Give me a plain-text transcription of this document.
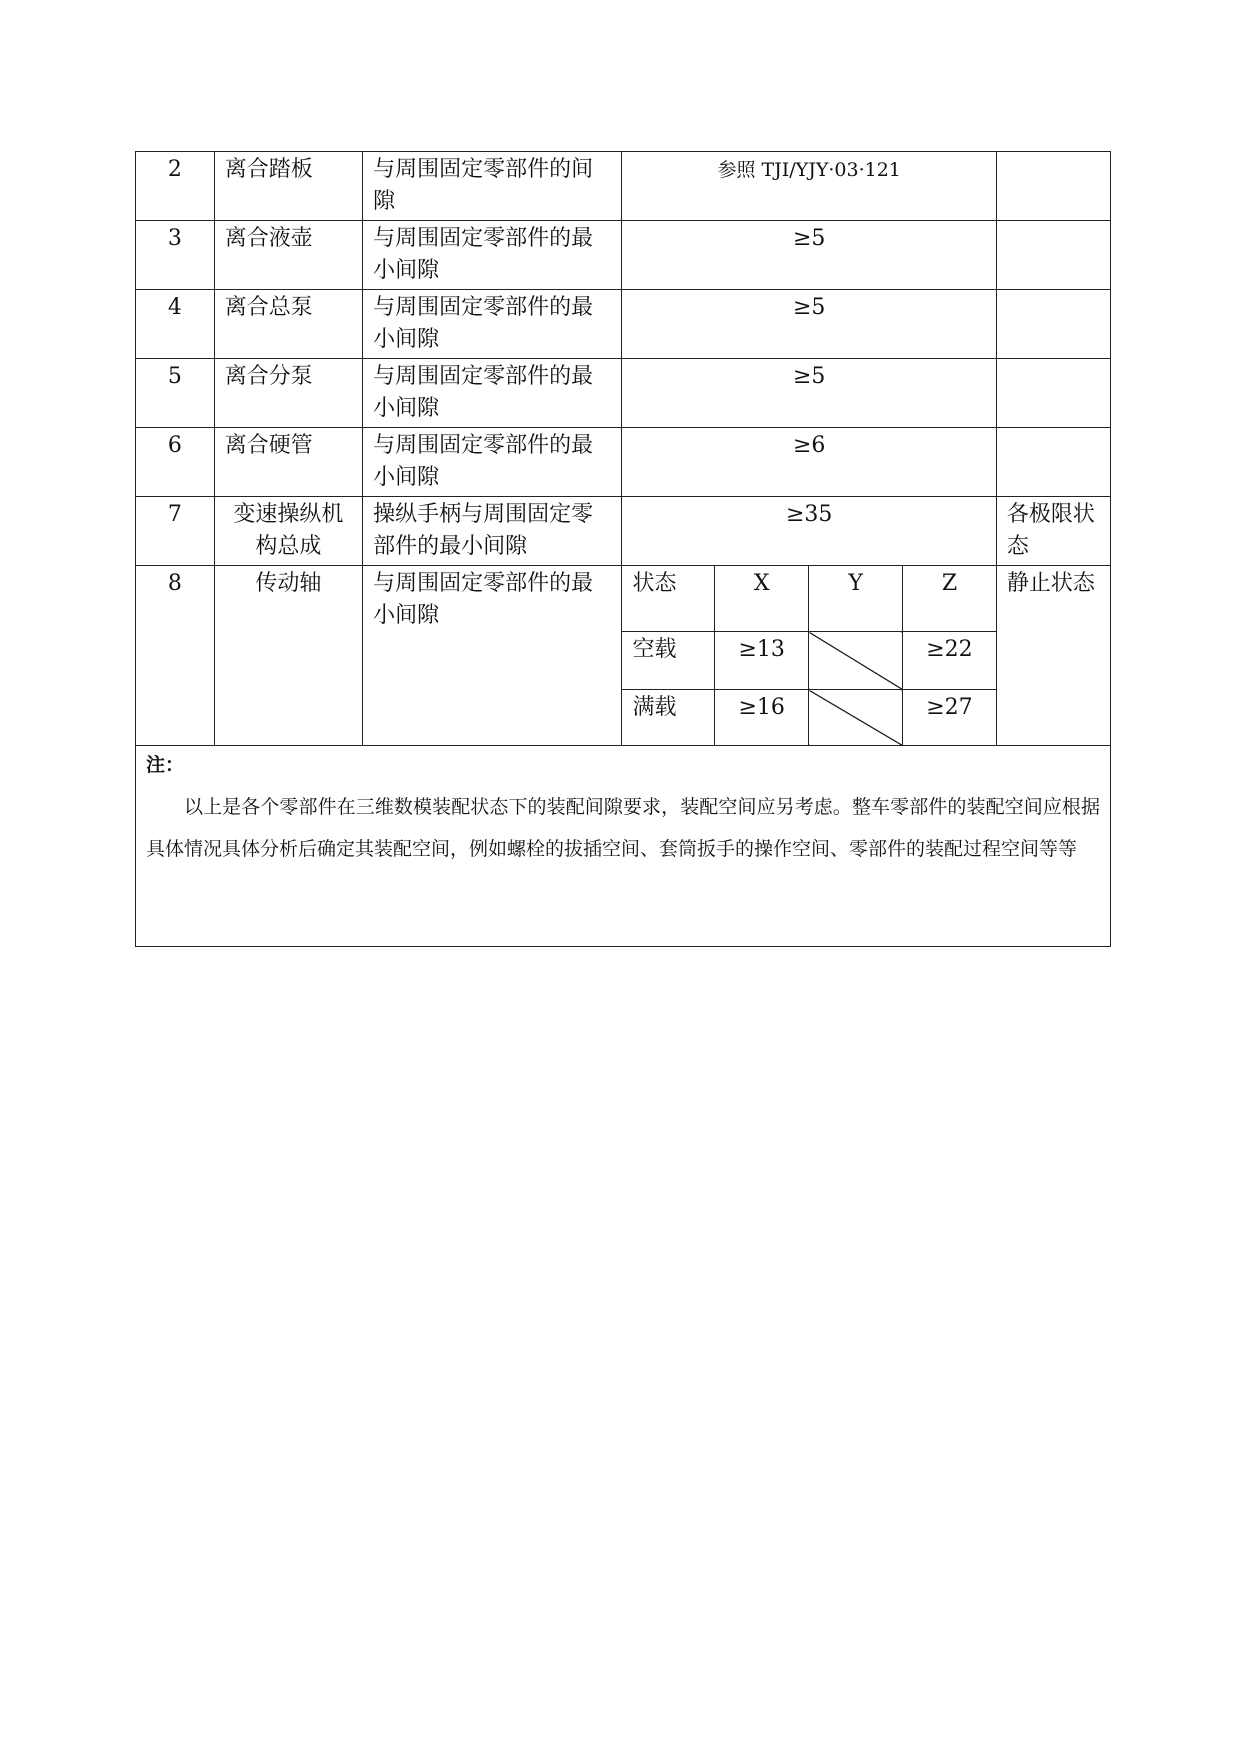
2	离合踏板	与周围固定零部件的间隙	参照 TJI/YJY·03·121				
3	离合液壶	与周围固定零部件的最小间隙	≥5				
4	离合总泵	与周围固定零部件的最小间隙	≥5				
5	离合分泵	与周围固定零部件的最小间隙	≥5				
6	离合硬管	与周围固定零部件的最小间隙	≥6				
7	变速操纵机构总成	操纵手柄与周围固定零部件的最小间隙	≥35				各极限状态
8	传动轴	与周围固定零部件的最小间隙	状态	X	Y	Z	静止状态
			空载	≥13		≥22	
			满载	≥16		≥27	

注：

以上是各个零部件在三维数模装配状态下的装配间隙要求，装配空间应另考虑。整车零部件的装配空间应根据具体情况具体分析后确定其装配空间，例如螺栓的拔插空间、套筒扳手的操作空间、零部件的装配过程空间等等							
